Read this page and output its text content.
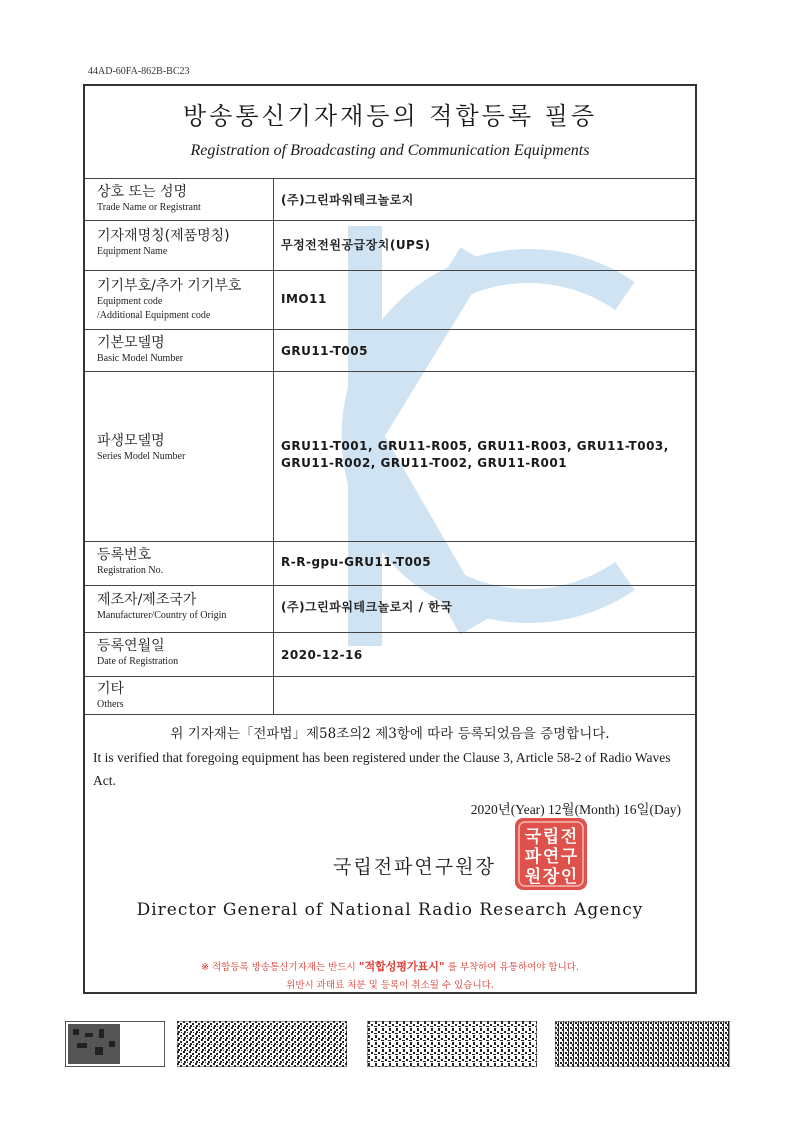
44AD-60FA-862B-BC23
방송통신기자재등의 적합등록 필증
Registration of Broadcasting and Communication Equipments
상호 또는 성명
Trade Name or Registrant
(주)그린파워테크놀로지
기자재명칭(제품명칭)
Equipment Name	무정전전원공급장치(UPS)
기기부호/추가 기기부호
Equipment code
/Additional Equipment code
IMO11
기본모델명
Basic Model Number
GRU11-T005
파생모델명
Series Model Number
GRU11-T001, GRU11-R005, GRU11-R003, GRU11-T003,
GRU11-R002, GRU11-T002, GRU11-R001
등록번호
Registration No.
R-R-gpu-GRU11-T005
제조자/제조국가
Manufacturer/Country of Origin
(주)그린파워테크놀로지 / 한국
등록연월일
Date of Registration	2020-12-16
기타
Others
위 기자재는「전파법」제58조의2 제3항에 따라 등록되었음을 증명합니다.
It is verified that foregoing equipment has been registered under the Clause 3, Article 58-2 of Radio Waves Act.
2020년(Year) 12월(Month) 16일(Day)
국립전파연구원장
국 립 전
파 연 구
원 장 인
Director General of National Radio Research Agency
※ 적합등록 방송통신기자재는 반드시 "적합성평가표시" 를 부착하여 유통하여야 합니다.
위반시 과태료 처분 및 등록이 취소될 수 있습니다.
